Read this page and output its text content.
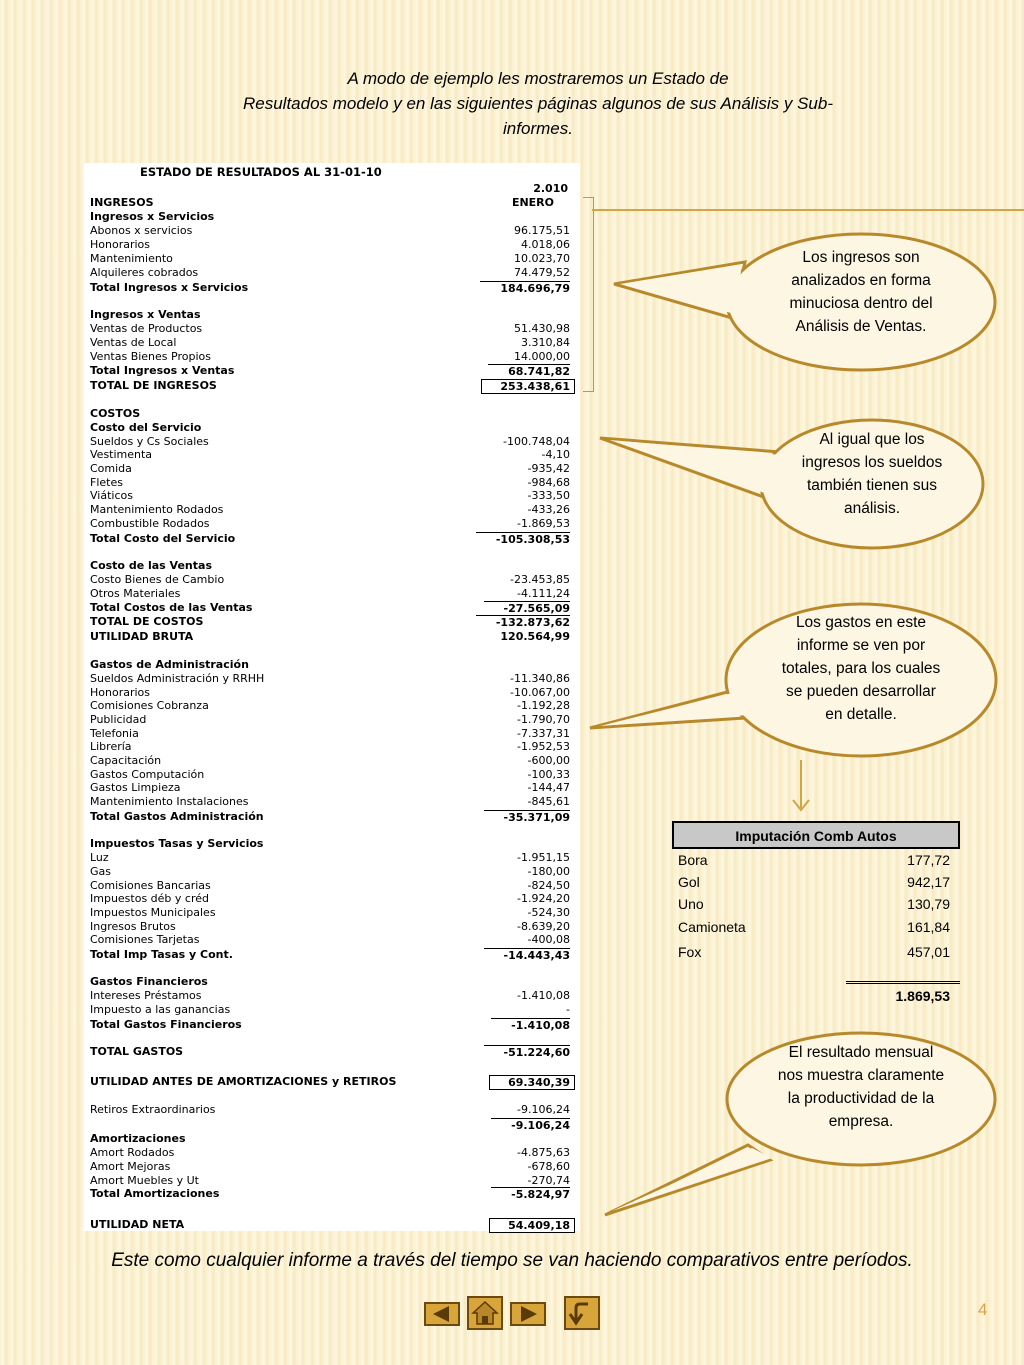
A modo de ejemplo les mostraremos un Estado de
Resultados modelo y en las siguientes páginas algunos de sus Análisis y Sub-
informes.
ESTADO DE RESULTADOS AL 31-01-10
2.010
ENERO
INGRESOS
Ingresos x Servicios
Abonos x servicios	96.175,51
Honorarios	4.018,06
Mantenimiento	10.023,70
Alquileres cobrados	74.479,52
Total Ingresos x Servicios	184.696,79
Ingresos x Ventas
Ventas de Productos	51.430,98
Ventas de Local	3.310,84
Ventas Bienes Propios	14.000,00
Total Ingresos x Ventas	68.741,82
TOTAL DE INGRESOS	253.438,61
COSTOS
Costo del Servicio
Sueldos y Cs Sociales	-100.748,04
Vestimenta	-4,10
Comida	-935,42
Fletes	-984,68
Viáticos	-333,50
Mantenimiento Rodados	-433,26
Combustible Rodados	-1.869,53
Total Costo del Servicio	-105.308,53
Costo de las Ventas
Costo Bienes de Cambio	-23.453,85
Otros Materiales	-4.111,24
Total Costos de las Ventas	-27.565,09
TOTAL DE COSTOS	-132.873,62
UTILIDAD BRUTA	120.564,99
Gastos de Administración
Sueldos Administración y RRHH	-11.340,86
Honorarios	-10.067,00
Comisiones Cobranza	-1.192,28
Publicidad	-1.790,70
Telefonia	-7.337,31
Librería	-1.952,53
Capacitación	-600,00
Gastos Computación	-100,33
Gastos Limpieza	-144,47
Mantenimiento Instalaciones	-845,61
Total Gastos Administración	-35.371,09
Impuestos Tasas y Servicios
Luz	-1.951,15
Gas	-180,00
Comisiones Bancarias	-824,50
Impuestos déb y créd	-1.924,20
Impuestos Municipales	-524,30
Ingresos Brutos	-8.639,20
Comisiones Tarjetas	-400,08
Total Imp Tasas y Cont.	-14.443,43
Gastos Financieros
Intereses Préstamos	-1.410,08
Impuesto a las ganancias	-
Total Gastos Financieros	-1.410,08
TOTAL GASTOS	-51.224,60
UTILIDAD ANTES DE AMORTIZACIONES y RETIROS	69.340,39
Retiros Extraordinarios	-9.106,24
-9.106,24
Amortizaciones
Amort Rodados	-4.875,63
Amort Mejoras	-678,60
Amort Muebles y Ut	-270,74
Total Amortizaciones	-5.824,97
UTILIDAD NETA	54.409,18
Los ingresos son analizados en forma minuciosa dentro del Análisis de Ventas.
Al igual que los ingresos los sueldos también tienen sus análisis.
Los gastos en este informe se ven por totales, para los cuales se pueden desarrollar en detalle.
El resultado mensual nos muestra claramente la productividad de la empresa.
Imputación Comb Autos
Bora	177,72
Gol	942,17
Uno	130,79
Camioneta	161,84
Fox	457,01
1.869,53
Este como cualquier informe a través del tiempo se van haciendo comparativos entre períodos.
4
